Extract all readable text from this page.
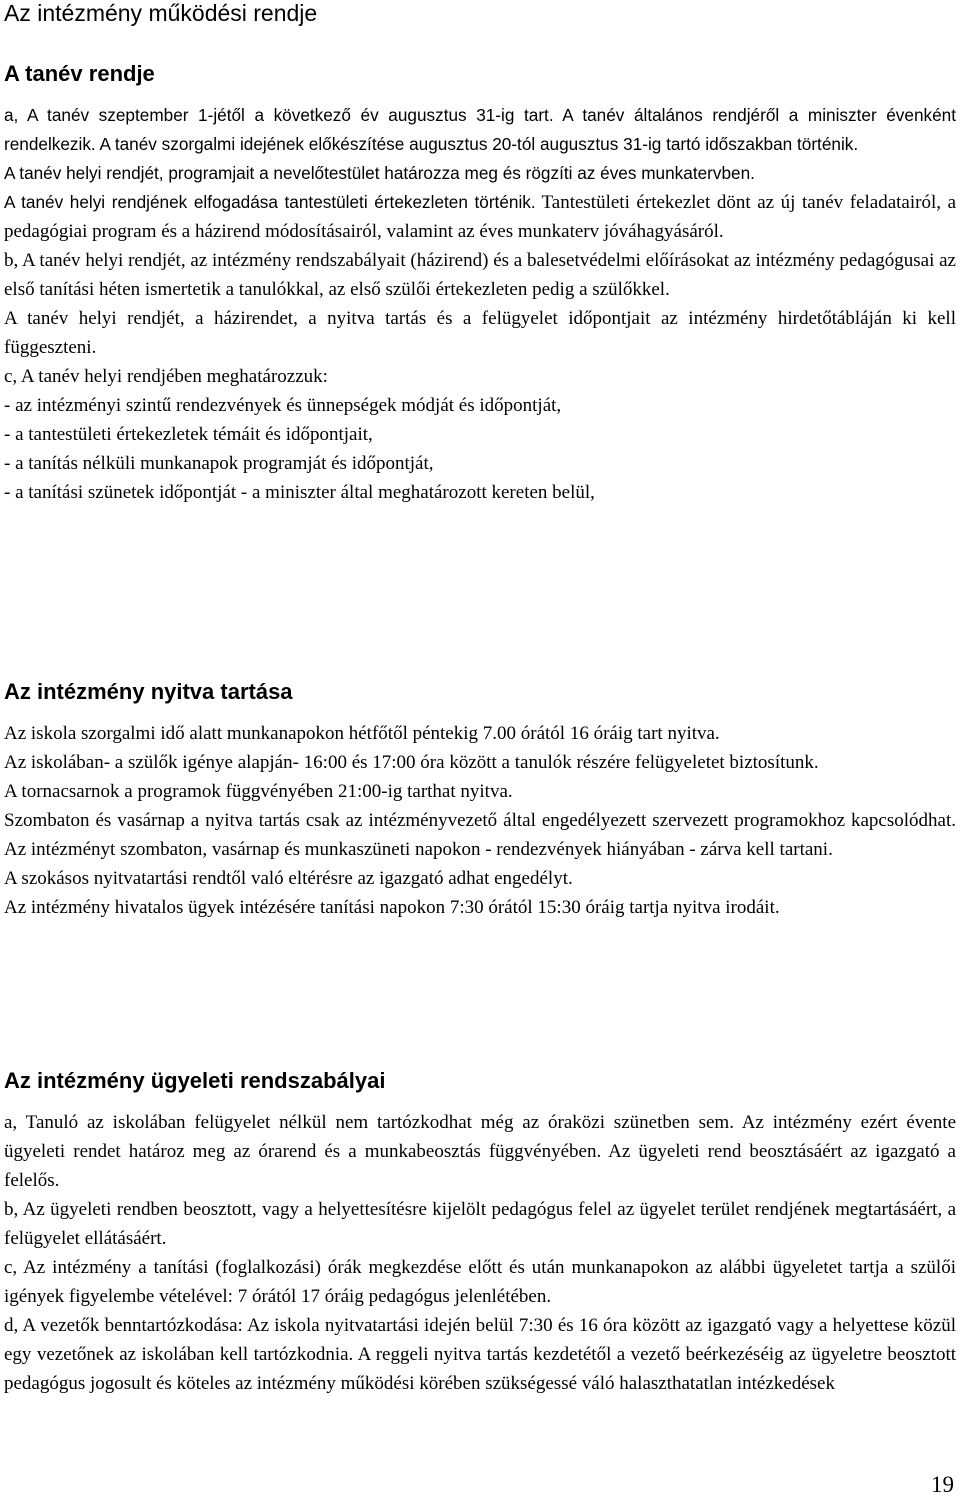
Az intézmény működési rendje
A tanév rendje
a, A tanév szeptember 1-jétől a következő év augusztus 31-ig tart. A tanév általános rendjéről a miniszter évenként rendelkezik. A tanév szorgalmi idejének előkészítése augusztus 20-tól augusztus 31-ig tartó időszakban történik.
A tanév helyi rendjét, programjait a nevelőtestület határozza meg és rögzíti az éves munkatervben.

A tanév helyi rendjének elfogadása tantestületi értekezleten történik. Tantestületi értekezlet dönt az új tanév feladatairól, a pedagógiai program és a házirend módosításairól, valamint az éves munkaterv jóváhagyásáról.

b, A tanév helyi rendjét, az intézmény rendszabályait (házirend) és a balesetvédelmi előírásokat az intézmény pedagógusai az első tanítási héten ismertetik a tanulókkal, az első szülői értekezleten pedig a szülőkkel.
A tanév helyi rendjét, a házirendet, a nyitva tartás és a felügyelet időpontjait az intézmény hirdetőtábláján ki kell függeszteni.
c, A tanév helyi rendjében meghatározzuk:
- az intézményi szintű rendezvények és ünnepségek módját és időpontját,
- a tantestületi értekezletek témáit és időpontjait,
- a tanítás nélküli munkanapok programját és időpontját,
- a tanítási szünetek időpontját - a miniszter által meghatározott kereten belül,
Az intézmény nyitva tartása
Az iskola szorgalmi idő alatt munkanapokon hétfőtől péntekig 7.00 órától 16 óráig tart nyitva.
Az iskolában- a szülők igénye alapján- 16:00 és 17:00 óra között a tanulók részére felügyeletet biztosítunk.
A tornacsarnok a programok függvényében 21:00-ig tarthat nyitva.
Szombaton és vasárnap a nyitva tartás csak az intézményvezető által engedélyezett szervezett programokhoz kapcsolódhat. Az intézményt szombaton, vasárnap és munkaszüneti napokon - rendezvények hiányában - zárva kell tartani.
A szokásos nyitvatartási rendtől való eltérésre az igazgató adhat engedélyt.
Az intézmény hivatalos ügyek intézésére tanítási napokon 7:30 órától 15:30 óráig tartja nyitva irodáit.
Az intézmény ügyeleti rendszabályai
a, Tanuló az iskolában felügyelet nélkül nem tartózkodhat még az óraközi szünetben sem. Az intézmény ezért évente ügyeleti rendet határoz meg az órarend és a munkabeosztás függvényében. Az ügyeleti rend beosztásáért az igazgató a felelős.
b, Az ügyeleti rendben beosztott, vagy a helyettesítésre kijelölt pedagógus felel az ügyelet terület rendjének megtartásáért, a felügyelet ellátásáért.
c, Az intézmény a tanítási (foglalkozási) órák megkezdése előtt és után munkanapokon az alábbi ügyeletet tartja a szülői igények figyelembe vételével: 7 órától 17 óráig pedagógus jelenlétében.
d, A vezetők benntartózkodása: Az iskola nyitvatartási idején belül 7:30 és 16 óra között az igazgató vagy a helyettese közül egy vezetőnek az iskolában kell tartózkodnia. A reggeli nyitva tartás kezdetétől a vezető beérkezéséig az ügyeletre beosztott pedagógus jogosult és köteles az intézmény működési körében szükségessé váló halaszthatatlan intézkedések
19
